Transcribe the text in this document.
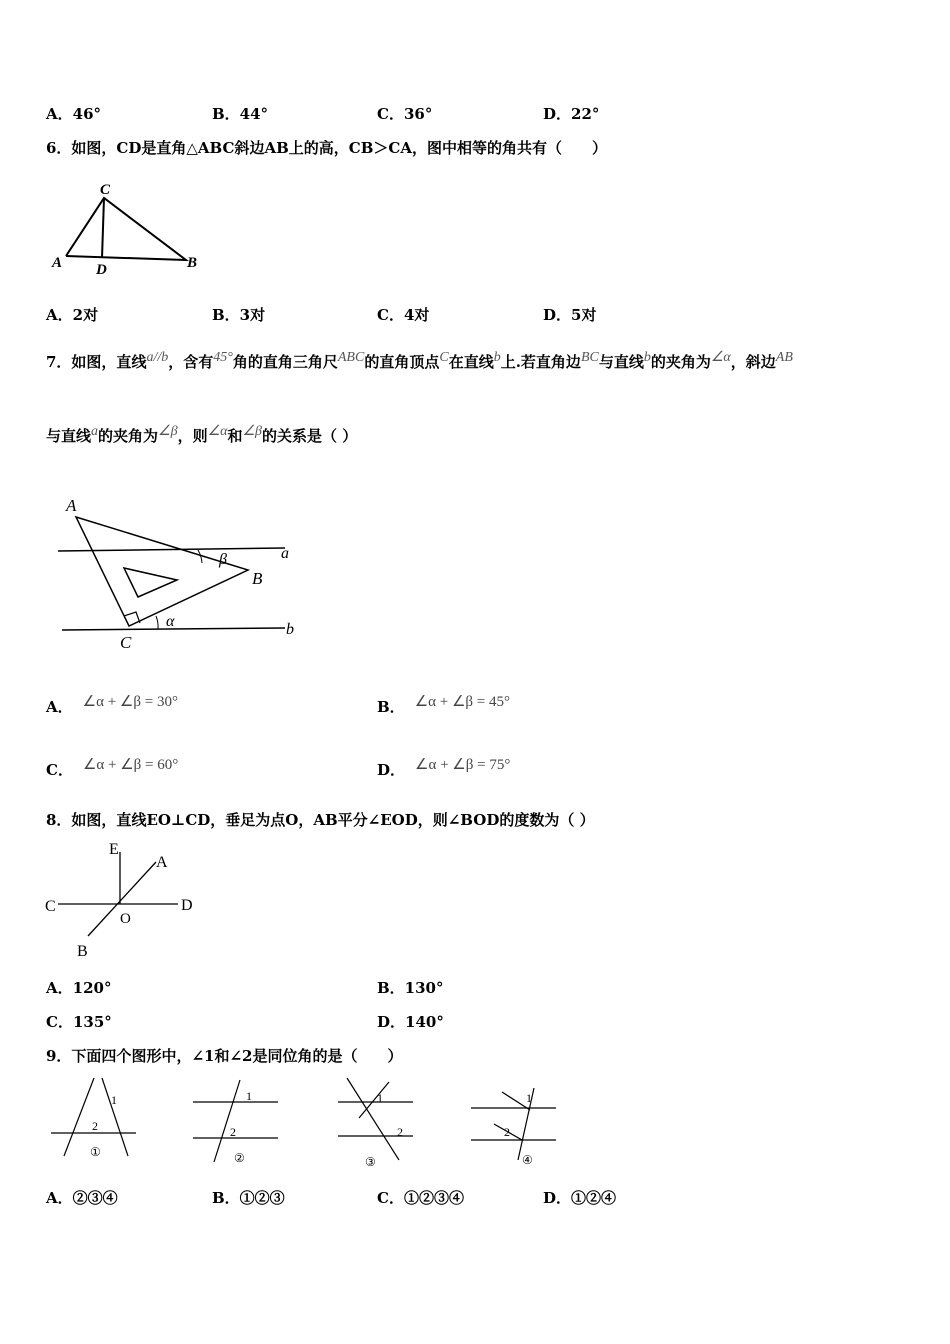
A．46°	B．44°	C．36°	D．22°
6．如图，CD是直角△ABC斜边AB上的高，CB＞CA，图中相等的角共有（　　）
C
A D	B
A．2对	B．3对	C．4对	D．5对
7．如图，直线a//b，含有45°角的直角三角尺ABC的直角顶点C在直线b上.若直角边BC与直线b的夹角为∠α，斜边AB
与直线a的夹角为∠β，则∠α和∠β的关系是（ ）
A
β	a
B
α
C
b
A． ∠α + ∠β = 30°	B． ∠α + ∠β = 45°
C． ∠α + ∠β = 60°	D． ∠α + ∠β = 75°
8．如图，直线EO⊥CD，垂足为点O，AB平分∠EOD，则∠BOD的度数为（ ）
E
A
C
O
D
B
A．120°	B．130°
C．135°	D．140°
9．下面四个图形中，∠1和∠2是同位角的是（　　）
1
2
①
1
2
②
1
2
③
1
2
④
A．②③④	B．①②③	C．①②③④	D．①②④
